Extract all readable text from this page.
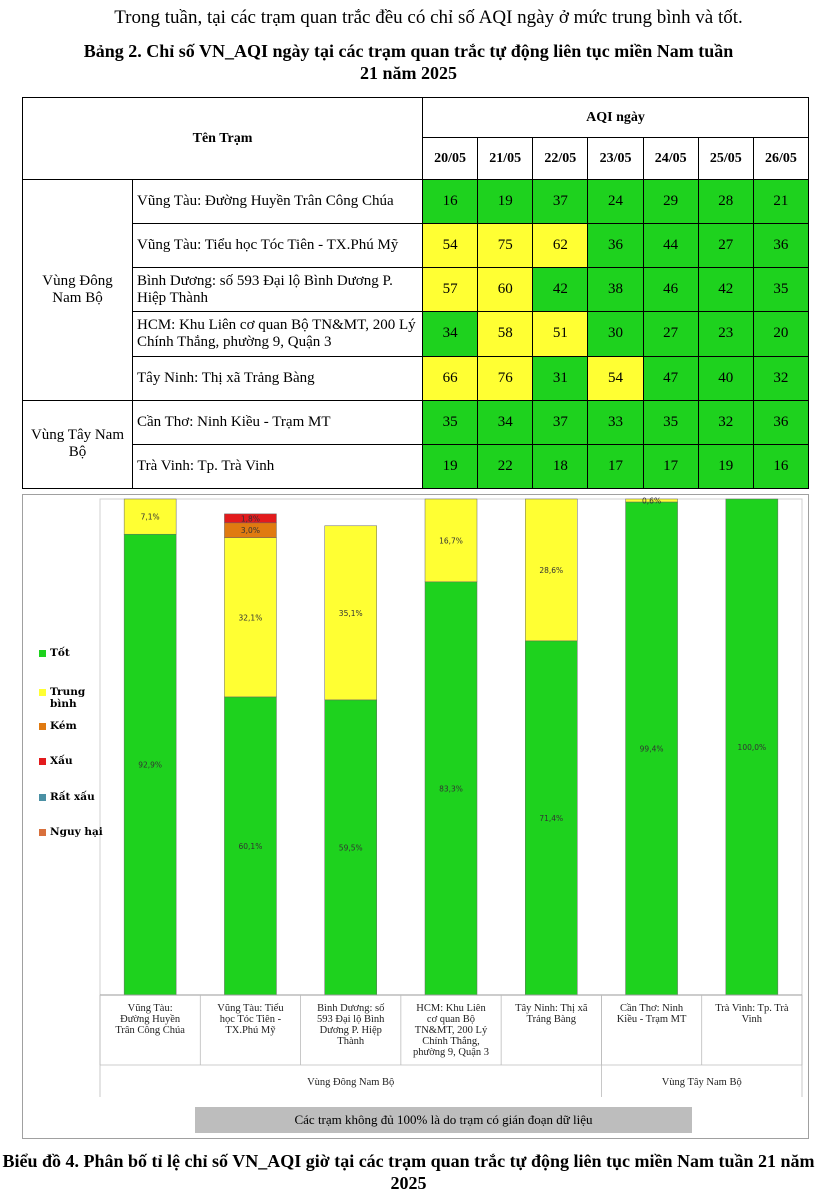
Trong tuần, tại các trạm quan trắc đều có chỉ số AQI ngày ở mức trung bình và tốt.
Bảng 2. Chỉ số VN_AQI ngày tại các trạm quan trắc tự động liên tục miền Nam tuần
21 năm 2025
Tên Trạm		AQI ngày						
		20/05	21/05	22/05	23/05	24/05	25/05	26/05
Vùng Đông Nam Bộ	Vũng Tàu: Đường Huyền Trân Công Chúa	16	19	37	24	29	28	21
	Vũng Tàu: Tiểu học Tóc Tiên - TX.Phú Mỹ	54	75	62	36	44	27	36
	Bình Dương: số 593 Đại lộ Bình Dương P. Hiệp Thành	57	60	42	38	46	42	35
	HCM: Khu Liên cơ quan Bộ TN&MT, 200 Lý Chính Thắng, phường 9, Quận 3	34	58	51	30	27	23	20
	Tây Ninh: Thị xã Trảng Bàng	66	76	31	54	47	40	32
Vùng Tây Nam Bộ	Cần Thơ: Ninh Kiều - Trạm MT	35	34	37	33	35	32	36
	Trà Vinh: Tp. Trà Vinh	19	22	18	17	17	19	16
92,9%
7,1%
60,1%
32,1%
3,0%
1,8%
59,5%
35,1%
83,3%
16,7%
71,4%
28,6%
99,4%
0,6%
100,0%
Vũng Tàu: Đường Huyền Trân Công Chúa
Vũng Tàu: Tiểu học Tóc Tiên -TX.Phú Mỹ
Bình Dương: số 593 Đại lộ Bình Dương P. Hiệp Thành
HCM: Khu Liên cơ quan Bộ TN&MT, 200 Lý Chính Thắng, phường 9, Quận 3
Tây Ninh: Thị xã Trảng Bàng
Cần Thơ: Ninh Kiều - Trạm MT
Trà Vinh: Tp. Trà Vinh
Vùng Đông Nam Bộ	Vùng Tây Nam Bộ
Tốt
Trung bình
Kém
Xấu
Rất xấu
Nguy hại
Các trạm không đủ 100% là do trạm có gián đoạn dữ liệu
Biểu đồ 4. Phân bố tỉ lệ chỉ số VN_AQI giờ tại các trạm quan trắc tự động liên tục miền Nam tuần 21 năm 2025
